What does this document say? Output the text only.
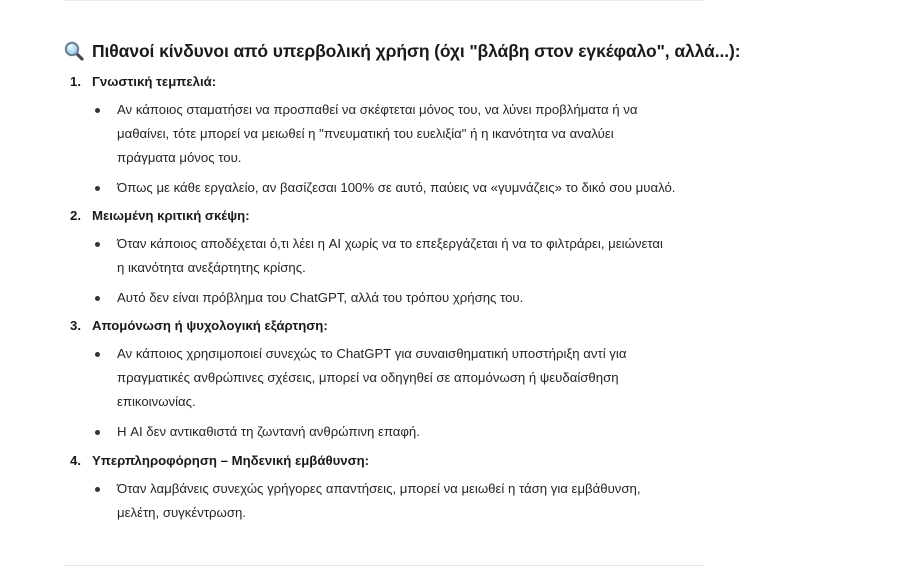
Πιθανοί κίνδυνοι από υπερβολική χρήση (όχι "βλάβη στον εγκέφαλο", αλλά...):
1. Γνωστική τεμπελιά:
Αν κάποιος σταματήσει να προσπαθεί να σκέφτεται μόνος του, να λύνει προβλήματα ή να
μαθαίνει, τότε μπορεί να μειωθεί η "πνευματική του ευελιξία" ή η ικανότητα να αναλύει
πράγματα μόνος του.
Όπως με κάθε εργαλείο, αν βασίζεσαι 100% σε αυτό, παύεις να «γυμνάζεις» το δικό σου μυαλό.
2. Μειωμένη κριτική σκέψη:
Όταν κάποιος αποδέχεται ό,τι λέει η AI χωρίς να το επεξεργάζεται ή να το φιλτράρει, μειώνεται
η ικανότητα ανεξάρτητης κρίσης.
Αυτό δεν είναι πρόβλημα του ChatGPT, αλλά του τρόπου χρήσης του.
3. Απομόνωση ή ψυχολογική εξάρτηση:
Αν κάποιος χρησιμοποιεί συνεχώς το ChatGPT για συναισθηματική υποστήριξη αντί για
πραγματικές ανθρώπινες σχέσεις, μπορεί να οδηγηθεί σε απομόνωση ή ψευδαίσθηση
επικοινωνίας.
Η AI δεν αντικαθιστά τη ζωντανή ανθρώπινη επαφή.
4. Υπερπληροφόρηση – Μηδενική εμβάθυνση:
Όταν λαμβάνεις συνεχώς γρήγορες απαντήσεις, μπορεί να μειωθεί η τάση για εμβάθυνση,
μελέτη, συγκέντρωση.
